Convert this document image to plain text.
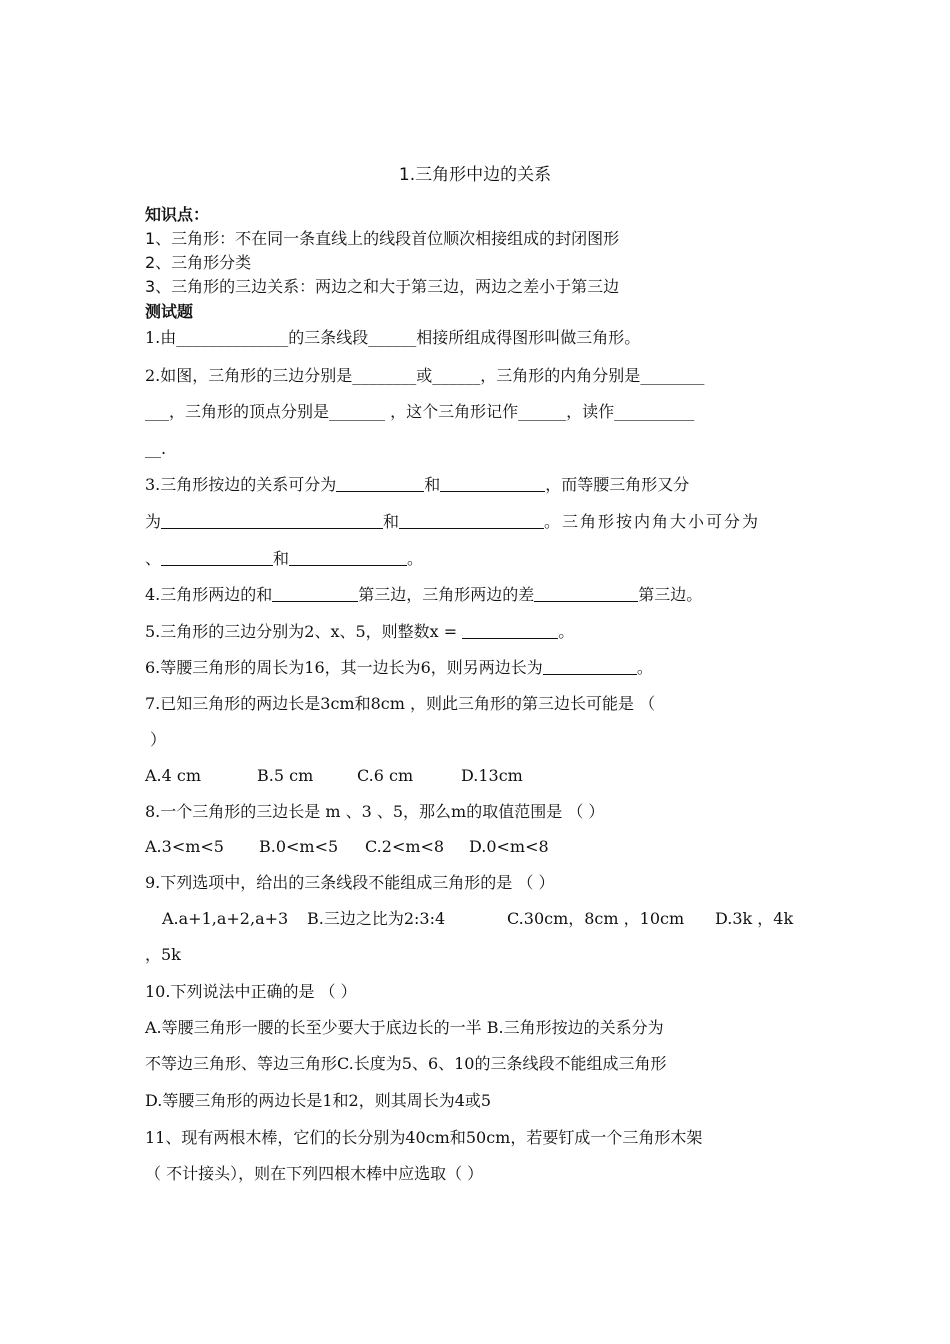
1.三角形中边的关系
知识点：
1、三角形：不在同一条直线上的线段首位顺次相接组成的封闭图形
2、三角形分类
3、三角形的三边关系：两边之和大于第三边，两边之差小于第三边
测试题
1.由______________的三条线段______相接所组成得图形叫做三角形。
2.如图，三角形的三边分别是________或______，三角形的内角分别是________
___，三角形的顶点分别是_______ ，这个三角形记作______，读作__________
__.
3.三角形按边的关系可分为	和	，而等腰三角形又分
为	和	。三角形按内角大小可分为
、	和	。
4.三角形两边的和	第三边，三角形两边的差	第三边。
5.三角形的三边分别为2、x、5，则整数x =	。
6.等腰三角形的周长为16，其一边长为6，则另两边长为	。
7.已知三角形的两边长是3cm和8cm ，则此三角形的第三边长可能是 （
）
A.4 cm	B.5 cm	C.6 cm	D.13cm
8.一个三角形的三边长是 m 、3 、5，那么m的取值范围是 （ ）
A.3<m<5 B.0<m<5 C.2<m<8 D.0<m<8
9.下列选项中，给出的三条线段不能组成三角形的是 （ ）
A.a+1,a+2,a+3 B.三边之比为2:3:4	C.30cm，8cm ，10cm D.3k ，4k
，5k
10.下列说法中正确的是 （ ）
A.等腰三角形一腰的长至少要大于底边长的一半 B.三角形按边的关系分为
不等边三角形、等边三角形C.长度为5、6、10的三条线段不能组成三角形
D.等腰三角形的两边长是1和2，则其周长为4或5
11、现有两根木棒，它们的长分别为40cm和50cm，若要钉成一个三角形木架
（ 不计接头），则在下列四根木棒中应选取（ ）
